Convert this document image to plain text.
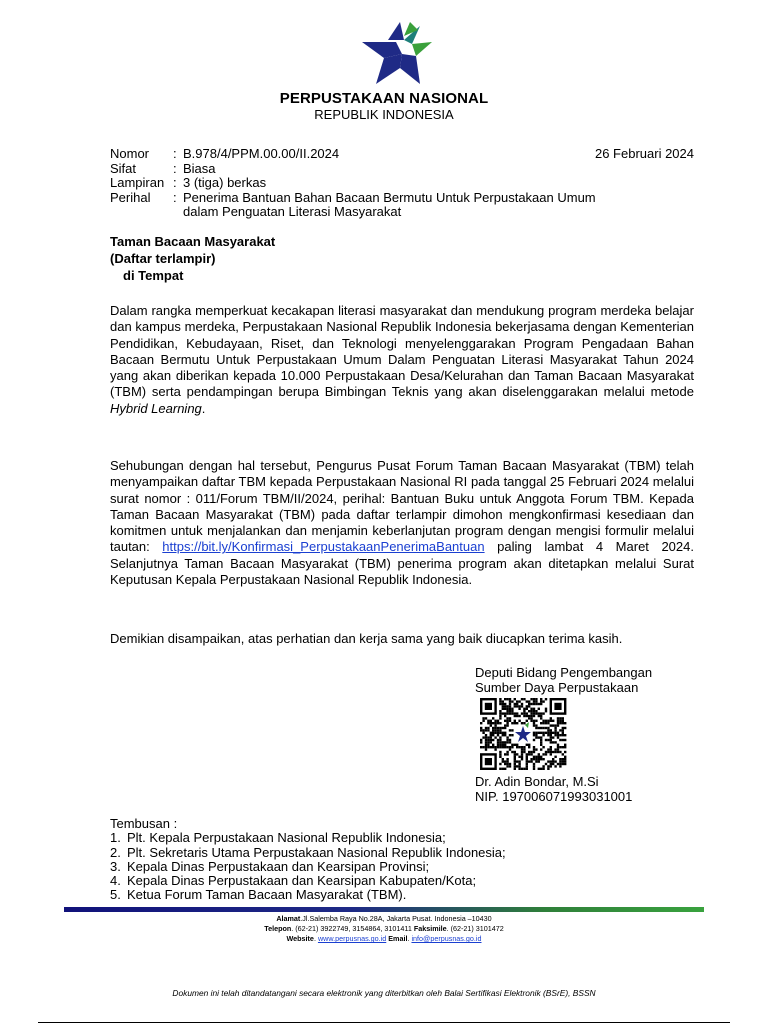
PERPUSTAKAAN NASIONAL
REPUBLIK INDONESIA
26 Februari 2024
Nomor	: B.978/4/PPM.00.00/II.2024
Sifat	: Biasa
Lampiran : 3 (tiga) berkas
Perihal	: Penerima Bantuan Bahan Bacaan Bermutu Untuk Perpustakaan Umum
dalam Penguatan Literasi Masyarakat
Taman Bacaan Masyarakat
(Daftar terlampir)
di Tempat
Dalam rangka memperkuat kecakapan literasi masyarakat dan mendukung program merdeka belajar dan kampus merdeka, Perpustakaan Nasional Republik Indonesia bekerjasama dengan Kementerian Pendidikan, Kebudayaan, Riset, dan Teknologi menyelenggarakan Program Pengadaan Bahan Bacaan Bermutu Untuk Perpustakaan Umum Dalam Penguatan Literasi Masyarakat Tahun 2024 yang akan diberikan kepada 10.000 Perpustakaan Desa/Kelurahan dan Taman Bacaan Masyarakat (TBM) serta pendampingan berupa Bimbingan Teknis yang akan diselenggarakan melalui metode Hybrid Learning.
Sehubungan dengan hal tersebut, Pengurus Pusat Forum Taman Bacaan Masyarakat (TBM) telah menyampaikan daftar TBM kepada Perpustakaan Nasional RI pada tanggal 25 Februari 2024 melalui surat nomor : 011/Forum TBM/II/2024, perihal: Bantuan Buku untuk Anggota Forum TBM. Kepada Taman Bacaan Masyarakat (TBM) pada daftar terlampir dimohon mengkonfirmasi kesediaan dan komitmen untuk menjalankan dan menjamin keberlanjutan program dengan mengisi formulir melalui tautan: https://bit.ly/Konfirmasi_PerpustakaanPenerimaBantuan paling lambat 4 Maret 2024. Selanjutnya Taman Bacaan Masyarakat (TBM) penerima program akan ditetapkan melalui Surat Keputusan Kepala Perpustakaan Nasional Republik Indonesia.
Demikian disampaikan, atas perhatian dan kerja sama yang baik diucapkan terima kasih.
Deputi Bidang Pengembangan
Sumber Daya Perpustakaan
Dr. Adin Bondar, M.Si
NIP. 197006071993031001
Tembusan :
1. Plt. Kepala Perpustakaan Nasional Republik Indonesia;
2. Plt. Sekretaris Utama Perpustakaan Nasional Republik Indonesia;
3. Kepala Dinas Perpustakaan dan Kearsipan Provinsi;
4. Kepala Dinas Perpustakaan dan Kearsipan Kabupaten/Kota;
5. Ketua Forum Taman Bacaan Masyarakat (TBM).
Alamat.Jl.Salemba Raya No.28A, Jakarta Pusat. Indonesia –10430
Telepon. (62-21) 3922749, 3154864, 3101411 Faksimile. (62-21) 3101472
Website. www.perpusnas.go.id Email. info@perpusnas.go.id
Dokumen ini telah ditandatangani secara elektronik yang diterbitkan oleh Balai Sertifikasi Elektronik (BSrE), BSSN
